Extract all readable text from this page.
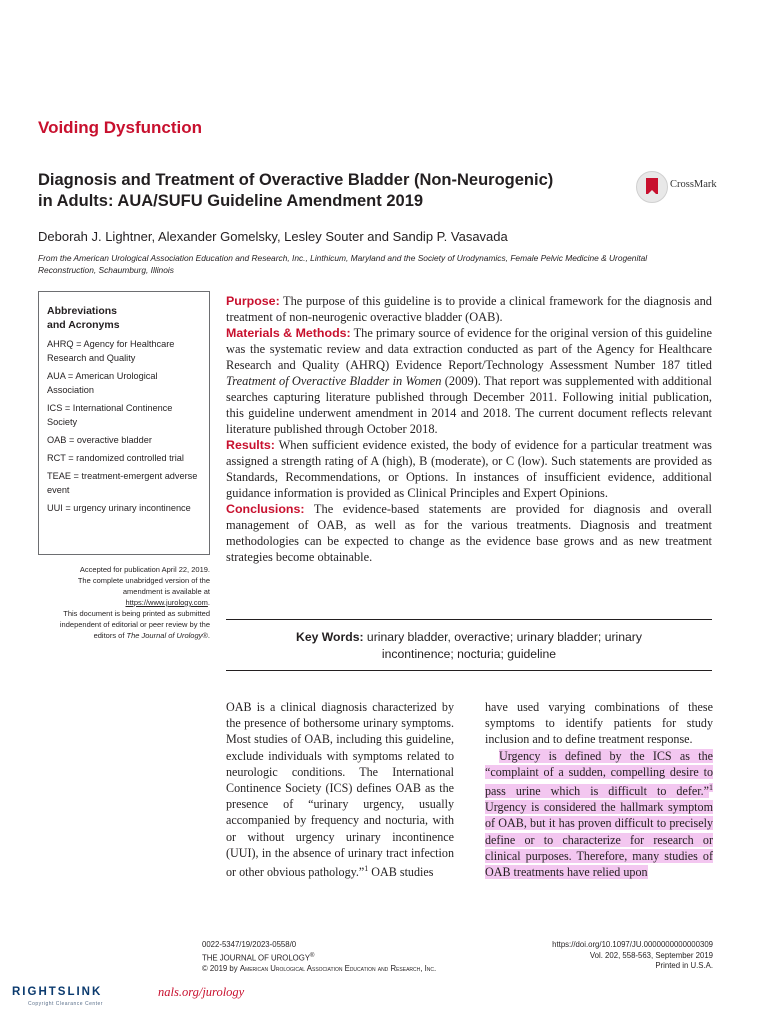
Voiding Dysfunction
Diagnosis and Treatment of Overactive Bladder (Non-Neurogenic)
in Adults: AUA/SUFU Guideline Amendment 2019
CrossMark
Deborah J. Lightner, Alexander Gomelsky, Lesley Souter and Sandip P. Vasavada
From the American Urological Association Education and Research, Inc., Linthicum, Maryland and the Society of Urodynamics, Female Pelvic Medicine & Urogenital
Reconstruction, Schaumburg, Illinois
Abbreviations
and Acronyms
AHRQ = Agency for Healthcare Research and Quality
AUA = American Urological Association
ICS = International Continence Society
OAB = overactive bladder
RCT = randomized controlled trial
TEAE = treatment-emergent adverse event
UUI = urgency urinary incontinence

Accepted for publication April 22, 2019.

The complete unabridged version of the amendment is available at https://www.jurology.com.

This document is being printed as submitted independent of editorial or peer review by the editors of The Journal of Urology®.

Purpose: The purpose of this guideline is to provide a clinical framework for the diagnosis and treatment of non-neurogenic overactive bladder (OAB).

Materials & Methods: The primary source of evidence for the original version of this guideline was the systematic review and data extraction conducted as part of the Agency for Healthcare Research and Quality (AHRQ) Evidence Report/Technology Assessment Number 187 titled Treatment of Overactive Bladder in Women (2009). That report was supplemented with additional searches capturing literature published through December 2011. Following initial publication, this guideline underwent amendment in 2014 and 2018. The current document reflects relevant literature published through October 2018.

Results: When sufficient evidence existed, the body of evidence for a particular treatment was assigned a strength rating of A (high), B (moderate), or C (low). Such statements are provided as Standards, Recommendations, or Options. In instances of insufficient evidence, additional guidance information is provided as Clinical Principles and Expert Opinions.

Conclusions: The evidence-based statements are provided for diagnosis and overall management of OAB, as well as for the various treatments. Diagnosis and treatment methodologies can be expected to change as the evidence base grows and as new treatment strategies become obtainable.

Key Words: urinary bladder, overactive; urinary bladder; urinary
incontinence; nocturia; guideline

OAB is a clinical diagnosis characterized by the presence of bothersome urinary symptoms. Most studies of OAB, including this guideline, exclude individuals with symptoms related to neurologic conditions. The International Continence Society (ICS) defines OAB as the presence of “urinary urgency, usually accompanied by frequency and nocturia, with or without urgency urinary incontinence (UUI), in the absence of urinary tract infection or other obvious pathology.”$^1$ OAB studies

have used varying combinations of these symptoms to identify patients for study inclusion and to define treatment response.

Urgency is defined by the ICS as the “complaint of a sudden, compelling desire to pass urine which is difficult to defer.”$^1$ Urgency is considered the hallmark symptom of OAB, but it has proven difficult to precisely define or to characterize for research or clinical purposes. Therefore, many studies of OAB treatments have relied upon

0022-5347/19/2023-0558/0
THE JOURNAL OF UROLOGY®
© 2019 by American Urological Association Education and Research, Inc.
https://doi.org/10.1097/JU.0000000000000309
Vol. 202, 558-563, September 2019
Printed in U.S.A.
RIGHTSLINK
Copyright Clearance Center
nals.org/jurology
